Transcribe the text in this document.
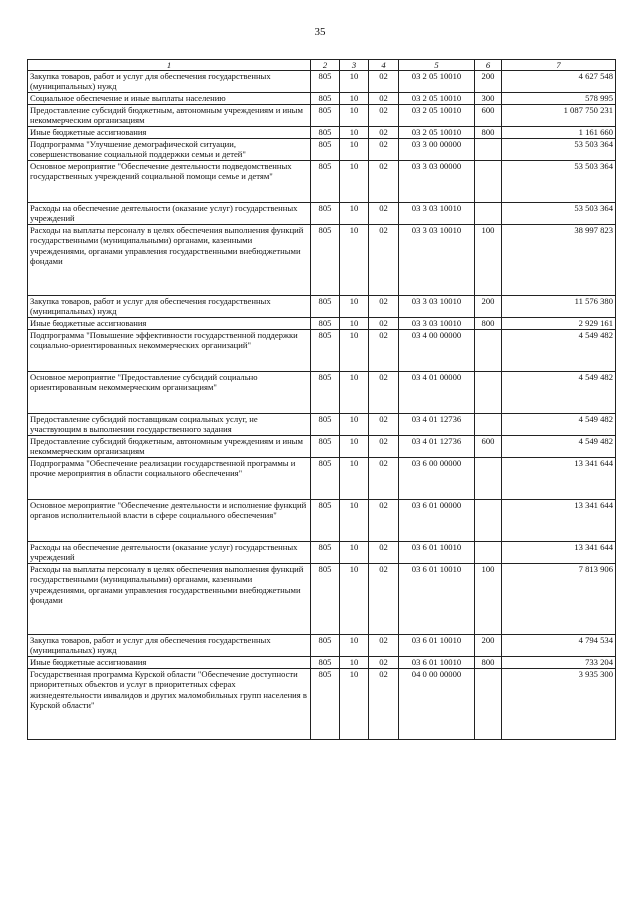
35
1	2	3	4	5	6	7
Закупка товаров, работ и услуг для обеспечения государственных (муниципальных) нужд	805	10	02	03 2 05 10010	200	4 627 548
Социальное обеспечение и иные выплаты населению	805	10	02	03 2 05 10010	300	578 995
Предоставление субсидий бюджетным, автономным учреждениям и иным некоммерческим организациям	805	10	02	03 2 05 10010	600	1 087 750 231
Иные бюджетные ассигнования	805	10	02	03 2 05 10010	800	1 161 660
Подпрограмма "Улучшение демографической ситуации, совершенствование социальной поддержки семьи и детей"	805	10	02	03 3 00 00000		53 503 364
Основное мероприятие "Обеспечение деятельности подведомственных государственных учреждений социальной помощи семье и детям"	805	10	02	03 3 03 00000		53 503 364
Расходы на обеспечение деятельности (оказание услуг) государственных учреждений	805	10	02	03 3 03 10010		53 503 364
Расходы на выплаты персоналу в целях обеспечения выполнения функций государственными (муниципальными) органами, казенными учреждениями, органами управления государственными внебюджетными фондами	805	10	02	03 3 03 10010	100	38 997 823
Закупка товаров, работ и услуг для обеспечения государственных (муниципальных) нужд	805	10	02	03 3 03 10010	200	11 576 380
Иные бюджетные ассигнования	805	10	02	03 3 03 10010	800	2 929 161
Подпрограмма "Повышение эффективности государственной поддержки социально-ориентированных некоммерческих организаций"	805	10	02	03 4 00 00000		4 549 482
Основное мероприятие "Предоставление субсидий социально ориентированным некоммерческим организациям"	805	10	02	03 4 01 00000		4 549 482
Предоставление субсидий поставщикам социальных услуг, не участвующим в выполнении государственного задания	805	10	02	03 4 01 12736		4 549 482
Предоставление субсидий бюджетным, автономным учреждениям и иным некоммерческим организациям	805	10	02	03 4 01 12736	600	4 549 482
Подпрограмма "Обеспечение реализации государственной программы и прочие мероприятия в области социального обеспечения"	805	10	02	03 6 00 00000		13 341 644
Основное мероприятие "Обеспечение деятельности и исполнение функций органов исполнительной власти в сфере социального обеспечения"	805	10	02	03 6 01 00000		13 341 644
Расходы на обеспечение деятельности (оказание услуг) государственных учреждений	805	10	02	03 6 01 10010		13 341 644
Расходы на выплаты персоналу в целях обеспечения выполнения функций государственными (муниципальными) органами, казенными учреждениями, органами управления государственными внебюджетными фондами	805	10	02	03 6 01 10010	100	7 813 906
Закупка товаров, работ и услуг для обеспечения государственных (муниципальных) нужд	805	10	02	03 6 01 10010	200	4 794 534
Иные бюджетные ассигнования	805	10	02	03 6 01 10010	800	733 204
Государственная программа Курской области "Обеспечение доступности приоритетных объектов и услуг в приоритетных сферах жизнедеятельности инвалидов и других маломобильных групп населения в Курской области"	805	10	02	04 0 00 00000		3 935 300
